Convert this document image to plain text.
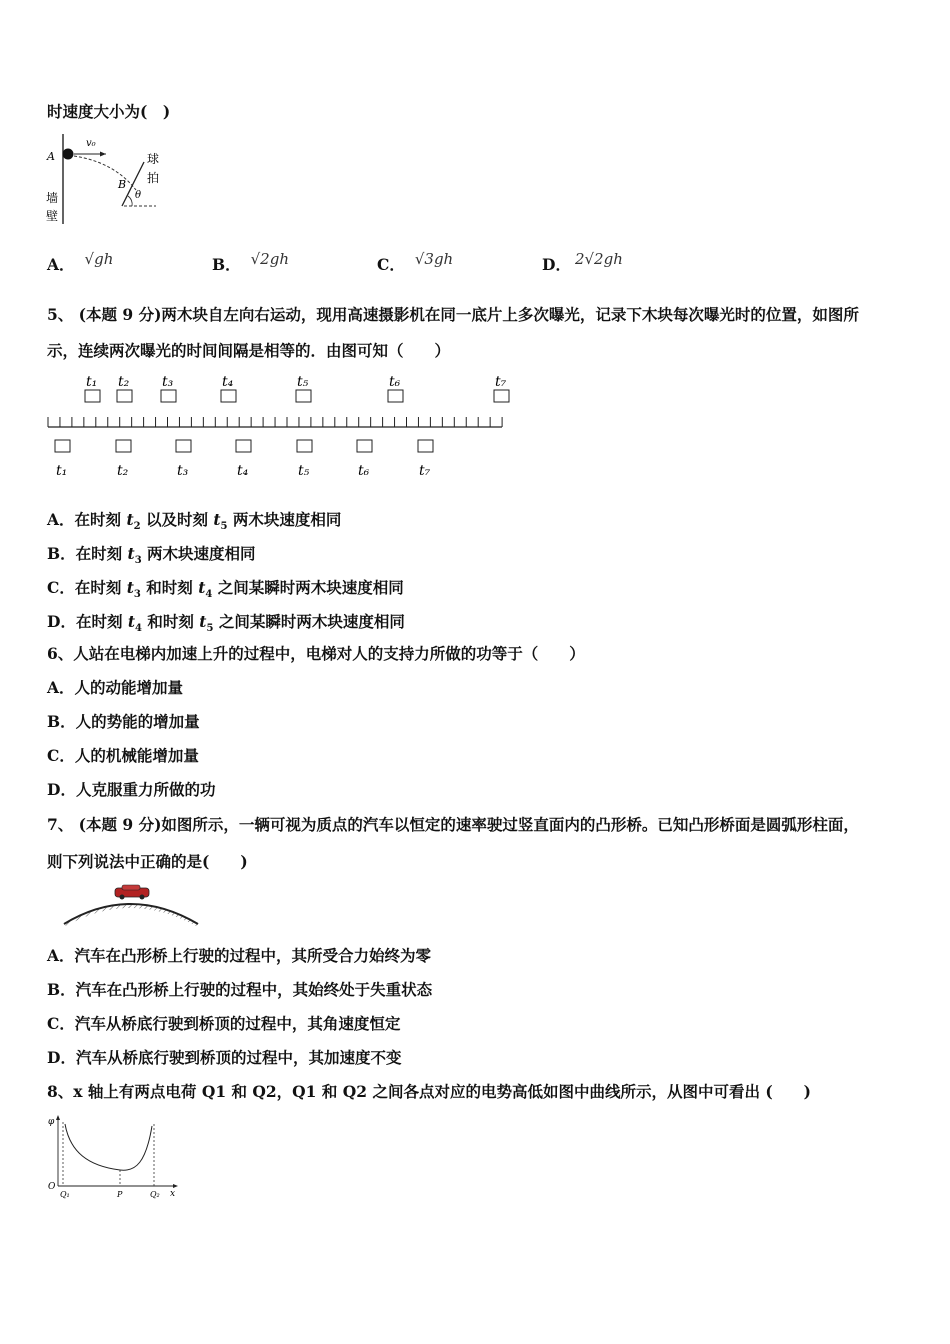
时速度大小为(　)
A
v₀
B
θ
球
拍
墙
壁
A． √gh	B． √2gh	C． √3gh	D． 2√2gh
5、 (本题 9 分)两木块自左向右运动，现用高速摄影机在同一底片上多次曝光，记录下木块每次曝光时的位置，如图所
示，连续两次曝光的时间间隔是相等的．由图可知（　　）
t₁ t₂ t₃	t₄	t₅	t₆	t₇
t₁	t₂	t₃	t₄	t₅	t₆	t₇
A．在时刻 $t_2$ 以及时刻 $t_5$ 两木块速度相同
B．在时刻 $t_3$ 两木块速度相同
C．在时刻 $t_3$ 和时刻 $t_4$ 之间某瞬时两木块速度相同
D．在时刻 $t_4$ 和时刻 $t_5$ 之间某瞬时两木块速度相同
6、人站在电梯内加速上升的过程中，电梯对人的支持力所做的功等于（　　）
A．人的动能增加量
B．人的势能的增加量
C．人的机械能增加量
D．人克服重力所做的功
7、 (本题 9 分)如图所示，一辆可视为质点的汽车以恒定的速率驶过竖直面内的凸形桥。已知凸形桥面是圆弧形柱面，
则下列说法中正确的是(　　)
A．汽车在凸形桥上行驶的过程中，其所受合力始终为零
B．汽车在凸形桥上行驶的过程中，其始终处于失重状态
C．汽车从桥底行驶到桥顶的过程中，其角速度恒定
D．汽车从桥底行驶到桥顶的过程中，其加速度不变
8、x 轴上有两点电荷 Q1 和 Q2，Q1 和 Q2 之间各点对应的电势高低如图中曲线所示，从图中可看出 (　　)
φ
O
Q₁	P	Q₂ x
